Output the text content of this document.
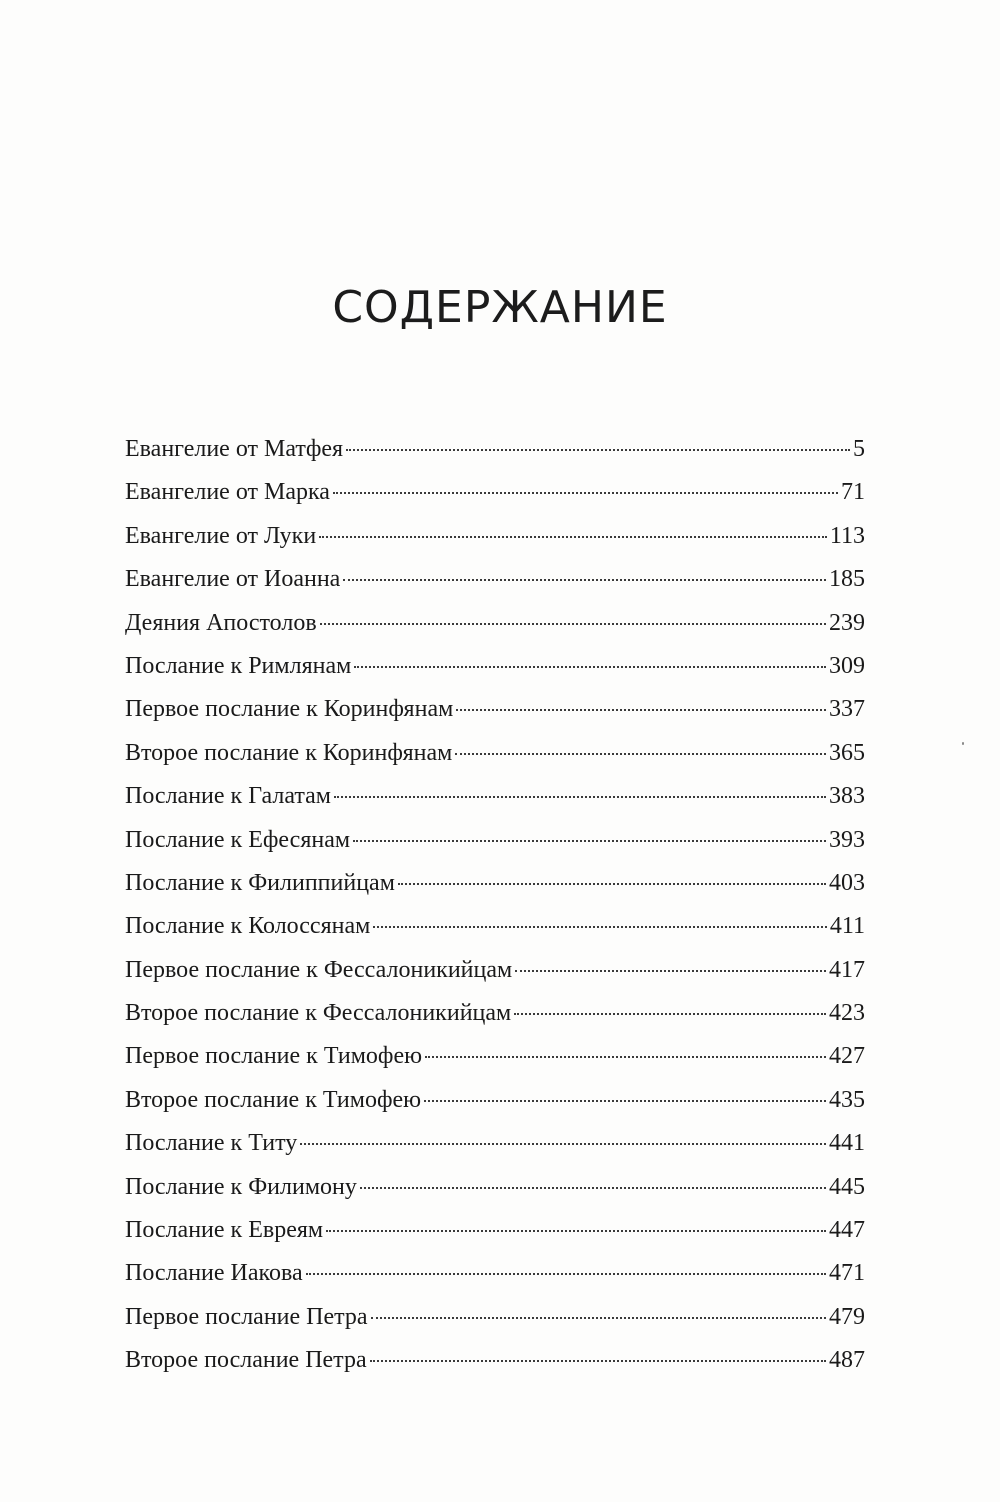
СОДЕРЖАНИЕ
Евангелие от Матфея	5
Евангелие от Марка	71
Евангелие от Луки	113
Евангелие от Иоанна	185
Деяния Апостолов	239
Послание к Римлянам	309
Первое послание к Коринфянам	337
Второе послание к Коринфянам	365
Послание к Галатам	383
Послание к Ефесянам	393
Послание к Филиппийцам	403
Послание к Колоссянам	411
Первое послание к Фессалоникийцам	417
Второе послание к Фессалоникийцам	423
Первое послание к Тимофею	427
Второе послание к Тимофею	435
Послание к Титу	441
Послание к Филимону	445
Послание к Евреям	447
Послание Иакова	471
Первое послание Петра	479
Второе послание Петра	487
